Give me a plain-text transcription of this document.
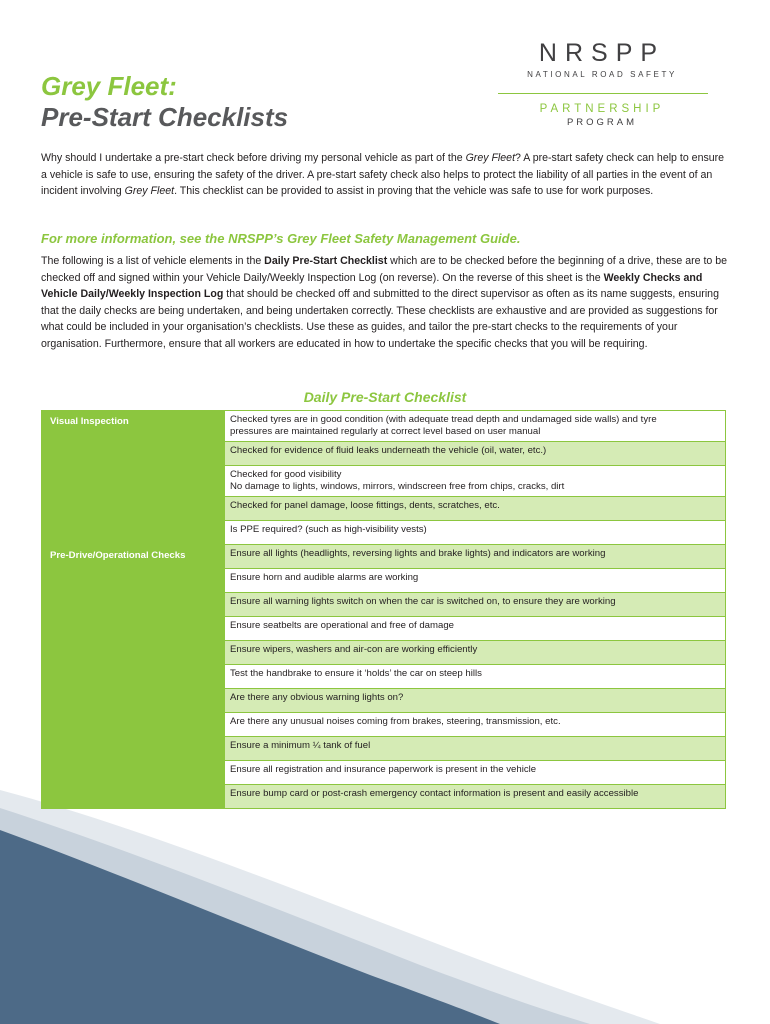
Grey Fleet:
Pre-Start Checklists
NRSPP
NATIONAL ROAD SAFETY
PARTNERSHIP
PROGRAM

Why should I undertake a pre-start check before driving my personal vehicle as part of the Grey Fleet? A pre-start safety check can help to ensure a vehicle is safe to use, ensuring the safety of the driver. A pre-start safety check also helps to protect the liability of all parties in the event of an incident involving Grey Fleet. This checklist can be provided to assist in proving that the vehicle was safe to use for work purposes.

For more information, see the NRSPP’s Grey Fleet Safety Management Guide.

The following is a list of vehicle elements in the Daily Pre-Start Checklist which are to be checked before the beginning of a drive, these are to be checked off and signed within your Vehicle Daily/Weekly Inspection Log (on reverse). On the reverse of this sheet is the Weekly Checks and Vehicle Daily/Weekly Inspection Log that should be checked off and submitted to the direct supervisor as often as its name suggests, ensuring that the daily checks are being undertaken, and being undertaken correctly. These checklists are exhaustive and are provided as suggestions for what could be included in your organisation’s checklists. Use these as guides, and tailor the pre-start checks to the requirements of your organisation. Furthermore, ensure that all workers are educated in how to undertake the specific checks that you will be requiring.

Daily Pre-Start Checklist
Visual Inspection	Checked tyres are in good condition (with adequate tread depth and undamaged side walls) and tyre
pressures are maintained regularly at correct level based on user manual
	Checked for evidence of fluid leaks underneath the vehicle (oil, water, etc.)
	Checked for good visibility
No damage to lights, windows, mirrors, windscreen free from chips, cracks, dirt
	Checked for panel damage, loose fittings, dents, scratches, etc.
	Is PPE required? (such as high-visibility vests)
Pre-Drive/Operational Checks	Ensure all lights (headlights, reversing lights and brake lights) and indicators are working
	Ensure horn and audible alarms are working
	Ensure all warning lights switch on when the car is switched on, to ensure they are working
	Ensure seatbelts are operational and free of damage
	Ensure wipers, washers and air-con are working efficiently
	Test the handbrake to ensure it ‘holds’ the car on steep hills
	Are there any obvious warning lights on?
	Are there any unusual noises coming from brakes, steering, transmission, etc.
	Ensure a minimum ¼ tank of fuel
	Ensure all registration and insurance paperwork is present in the vehicle
	Ensure bump card or post-crash emergency contact information is present and easily accessible
